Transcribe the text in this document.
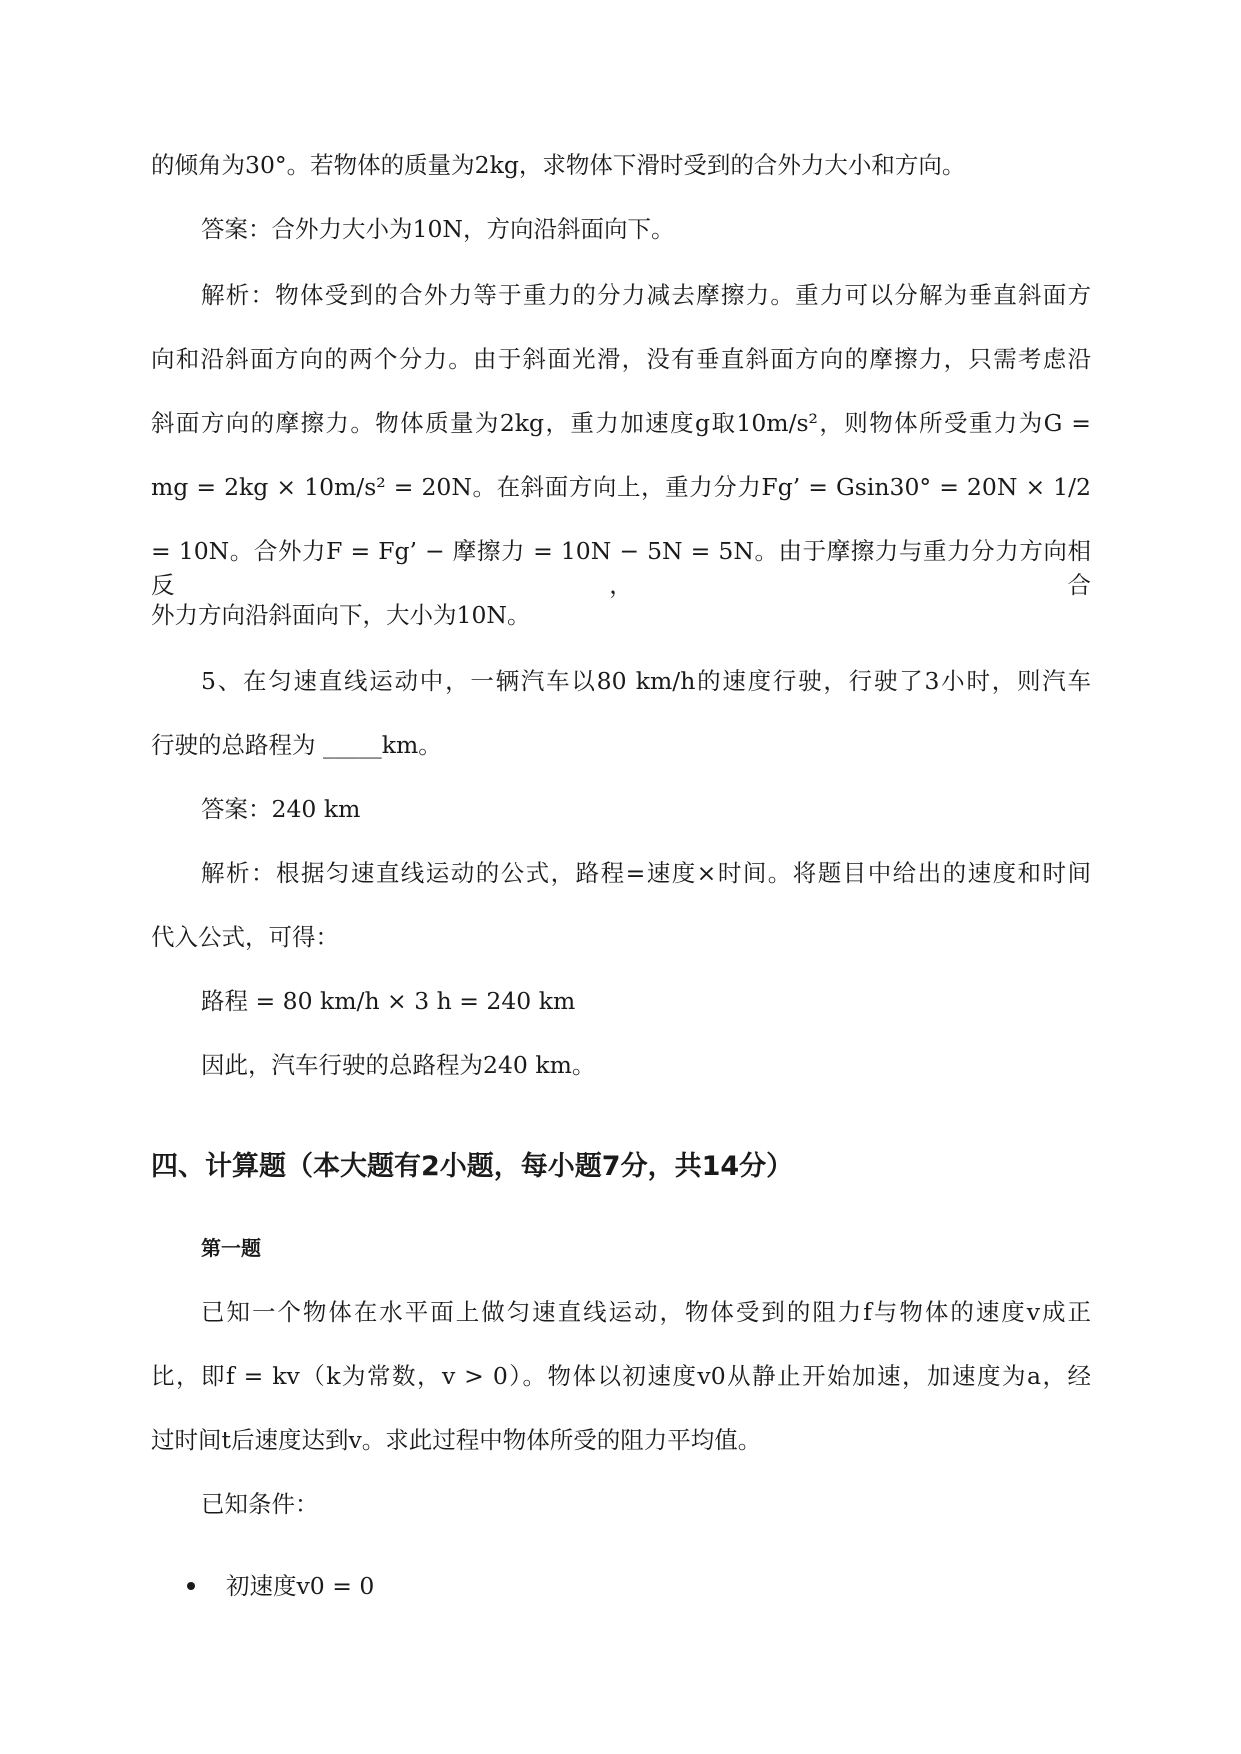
的倾角为30°。若物体的质量为2kg，求物体下滑时受到的合外力大小和方向。
答案：合外力大小为10N，方向沿斜面向下。
解析：物体受到的合外力等于重力的分力减去摩擦力。重力可以分解为垂直斜面方
向和沿斜面方向的两个分力。由于斜面光滑，没有垂直斜面方向的摩擦力，只需考虑沿
斜面方向的摩擦力。物体质量为2kg，重力加速度g取10m/s²，则物体所受重力为G =
mg = 2kg × 10m/s² = 20N。在斜面方向上，重力分力Fg’ = Gsin30° = 20N × 1/2
= 10N。合外力F = Fg’ − 摩擦力 = 10N − 5N = 5N。由于摩擦力与重力分力方向相反，合
外力方向沿斜面向下，大小为10N。
5、在匀速直线运动中，一辆汽车以80 km/h的速度行驶，行驶了3小时，则汽车
行驶的总路程为 _____km。
答案：240 km
解析：根据匀速直线运动的公式，路程=速度×时间。将题目中给出的速度和时间
代入公式，可得：
路程 = 80 km/h × 3 h = 240 km
因此，汽车行驶的总路程为240 km。
四、计算题（本大题有2小题，每小题7分，共14分）
第一题
已知一个物体在水平面上做匀速直线运动，物体受到的阻力f与物体的速度v成正
比，即f = kv（k为常数，v > 0）。物体以初速度v0从静止开始加速，加速度为a，经
过时间t后速度达到v。求此过程中物体所受的阻力平均值。
已知条件：
初速度v0 = 0
